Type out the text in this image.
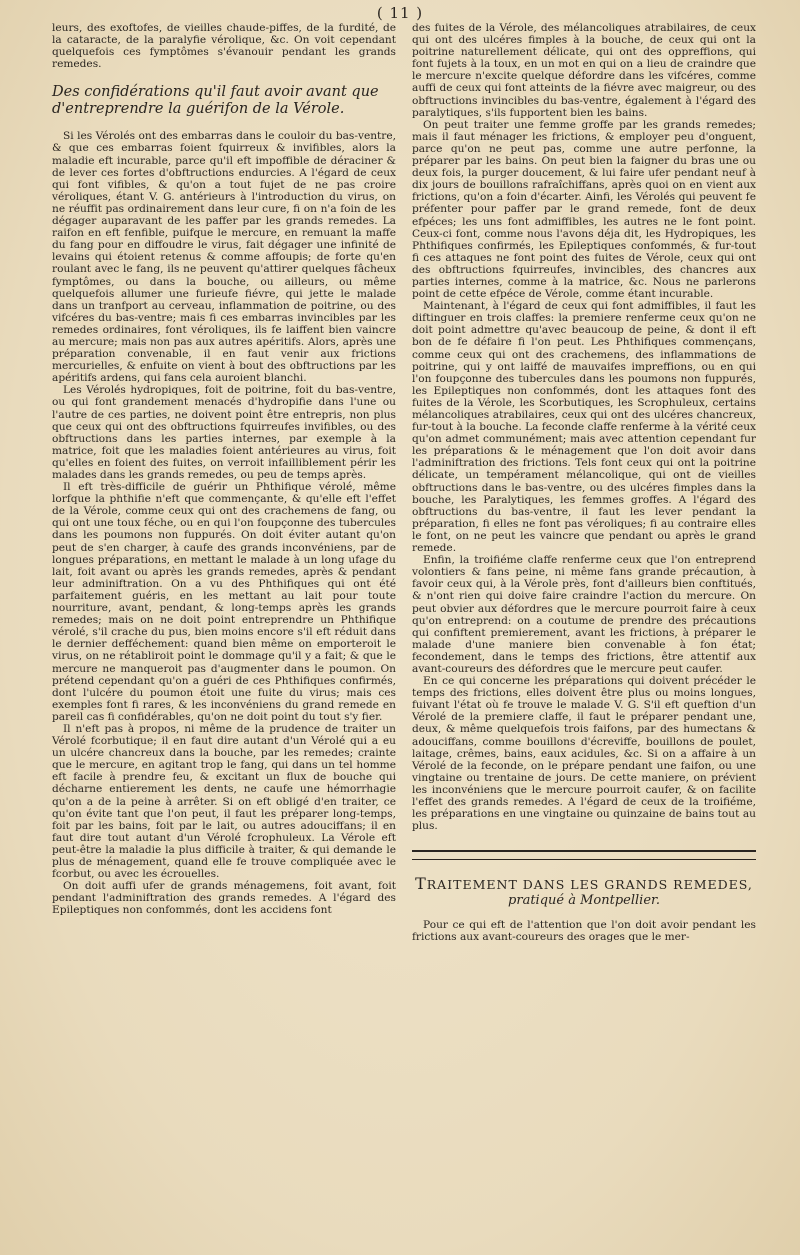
( 11 )

leurs, des exoftofes, de vieilles chaude-piffes, de la furdité, de la cataracte, de la paralyfie vérolique, &c. On voit cependant quelquefois ces fymptômes s'évanouir pendant les grands remedes.

Des confidérations qu'il faut avoir avant que d'entreprendre la guérifon de la Vérole.

Si les Vérolés ont des embarras dans le couloir du bas-ventre, & que ces embarras foient fquirreux & invifibles, alors la maladie eft incurable, parce qu'il eft impoffible de déraciner & de lever ces fortes d'obftructions endurcies. A l'égard de ceux qui font vifibles, & qu'on a tout fujet de ne pas croire véroliques, étant V. G. antérieurs à l'introduction du virus, on ne réuffit pas ordinairement dans leur cure, fi on n'a foin de les dégager auparavant de les paffer par les grands remedes. La raifon en eft fenfible, puifque le mercure, en remuant la maffe du fang pour en diffoudre le virus, fait dégager une infinité de levains qui étoient retenus & comme affoupis; de forte qu'en roulant avec le fang, ils ne peuvent qu'attirer quelques fâcheux fymptômes, ou dans la bouche, ou ailleurs, ou même quelquefois allumer une furieufe fiévre, qui jette le malade dans un tranfport au cerveau, inflammation de poitrine, ou des vifcéres du bas-ventre; mais fi ces embarras invincibles par les remedes ordinaires, font véroliques, ils fe laiffent bien vaincre au mercure; mais non pas aux autres apéritifs. Alors, après une préparation convenable, il en faut venir aux frictions mercurielles, & enfuite on vient à bout des obftructions par les apéritifs ardens, qui fans cela auroient blanchi.

Les Vérolés hydropiques, foit de poitrine, foit du bas-ventre, ou qui font grandement menacés d'hydropifie dans l'une ou l'autre de ces parties, ne doivent point être entrepris, non plus que ceux qui ont des obftructions fquirreufes invifibles, ou des obftructions dans les parties internes, par exemple à la matrice, foit que les maladies foient antérieures au virus, foit qu'elles en foient des fuites, on verroit infailliblement périr les malades dans les grands remedes, ou peu de temps après.

Il eft très-difficile de guérir un Phthifique vérolé, même lorfque la phthifie n'eft que commençante, & qu'elle eft l'effet de la Vérole, comme ceux qui ont des crachemens de fang, ou qui ont une toux féche, ou en qui l'on foupçonne des tubercules dans les poumons non fuppurés. On doit éviter autant qu'on peut de s'en charger, à caufe des grands inconvéniens, par de longues préparations, en mettant le malade à un long ufage du lait, foit avant ou après les grands remedes, après & pendant leur adminiftration. On a vu des Phthifiques qui ont été parfaitement guéris, en les mettant au lait pour toute nourriture, avant, pendant, & long-temps après les grands remedes; mais on ne doit point entreprendre un Phthifique vérolé, s'il crache du pus, bien moins encore s'il eft réduit dans le dernier defféchement: quand bien même on emporteroit le virus, on ne rétabliroit point le dommage qu'il y a fait; & que le mercure ne manqueroit pas d'augmenter dans le poumon. On prétend cependant qu'on a guéri de ces Phthifiques confirmés, dont l'ulcére du poumon étoit une fuite du virus; mais ces exemples font fi rares, & les inconvéniens du grand remede en pareil cas fi confidérables, qu'on ne doit point du tout s'y fier.

Il n'eft pas à propos, ni même de la prudence de traiter un Vérolé fcorbutique; il en faut dire autant d'un Vérolé qui a eu un ulcére chancreux dans la bouche, par les remedes; crainte que le mercure, en agitant trop le fang, qui dans un tel homme eft facile à prendre feu, & excitant un flux de bouche qui décharne entierement les dents, ne caufe une hémorrhagie qu'on a de la peine à arrêter. Si on eft obligé d'en traiter, ce qu'on évite tant que l'on peut, il faut les préparer long-temps, foit par les bains, foit par le lait, ou autres adouciffans; il en faut dire tout autant d'un Vérolé fcrophuleux. La Vérole eft peut-être la maladie la plus difficile à traiter, & qui demande le plus de ménagement, quand elle fe trouve compliquée avec le fcorbut, ou avec les écrouelles.

On doit auffi ufer de grands ménagemens, foit avant, foit pendant l'adminiftration des grands remedes. A l'égard des Epileptiques non confommés, dont les accidens font

des fuites de la Vérole, des mélancoliques atrabilaires, de ceux qui ont des ulcéres fimples à la bouche, de ceux qui ont la poitrine naturellement délicate, qui ont des oppreffions, qui font fujets à la toux, en un mot en qui on a lieu de craindre que le mercure n'excite quelque défordre dans les vifcéres, comme auffi de ceux qui font atteints de la fiévre avec maigreur, ou des obftructions invincibles du bas-ventre, également à l'égard des paralytiques, s'ils fupportent bien les bains.

On peut traiter une femme groffe par les grands remedes; mais il faut ménager les frictions, & employer peu d'onguent, parce qu'on ne peut pas, comme une autre perfonne, la préparer par les bains. On peut bien la faigner du bras une ou deux fois, la purger doucement, & lui faire ufer pendant neuf à dix jours de bouillons rafraîchiffans, après quoi on en vient aux frictions, qu'on a foin d'écarter. Ainfi, les Vérolés qui peuvent fe préfenter pour paffer par le grand remede, font de deux efpéces; les uns font admiffibles, les autres ne le font point. Ceux-ci font, comme nous l'avons déja dit, les Hydropiques, les Phthifiques confirmés, les Epileptiques confommés, & fur-tout fi ces attaques ne font point des fuites de Vérole, ceux qui ont des obftructions fquirreufes, invincibles, des chancres aux parties internes, comme à la matrice, &c. Nous ne parlerons point de cette efpéce de Vérole, comme étant incurable.

Maintenant, à l'égard de ceux qui font admiffibles, il faut les diftinguer en trois claffes: la premiere renferme ceux qu'on ne doit point admettre qu'avec beaucoup de peine, & dont il eft bon de fe défaire fi l'on peut. Les Phthifiques commençans, comme ceux qui ont des crachemens, des inflammations de poitrine, qui y ont laiffé de mauvaifes impreffions, ou en qui l'on foupçonne des tubercules dans les poumons non fuppurés, les Epileptiques non confommés, dont les attaques font des fuites de la Vérole, les Scorbutiques, les Scrophuleux, certains mélancoliques atrabilaires, ceux qui ont des ulcéres chancreux, fur-tout à la bouche. La feconde claffe renferme à la vérité ceux qu'on admet communément; mais avec attention cependant fur les préparations & le ménagement que l'on doit avoir dans l'adminiftration des frictions. Tels font ceux qui ont la poitrine délicate, un tempérament mélancolique, qui ont de vieilles obftructions dans le bas-ventre, ou des ulcéres fimples dans la bouche, les Paralytiques, les femmes groffes. A l'égard des obftructions du bas-ventre, il faut les lever pendant la préparation, fi elles ne font pas véroliques; fi au contraire elles le font, on ne peut les vaincre que pendant ou après le grand remede.

Enfin, la troifiéme claffe renferme ceux que l'on entreprend volontiers & fans peine, ni même fans grande précaution, à favoir ceux qui, à la Vérole près, font d'ailleurs bien conftitués, & n'ont rien qui doive faire craindre l'action du mercure. On peut obvier aux défordres que le mercure pourroit faire à ceux qu'on entreprend: on a coutume de prendre des précautions qui confiftent premierement, avant les frictions, à préparer le malade d'une maniere bien convenable à fon état; fecondement, dans le temps des frictions, être attentif aux avant-coureurs des défordres que le mercure peut caufer.

En ce qui concerne les préparations qui doivent précéder le temps des frictions, elles doivent être plus ou moins longues, fuivant l'état où fe trouve le malade V. G. S'il eft queftion d'un Vérolé de la premiere claffe, il faut le préparer pendant une, deux, & même quelquefois trois faifons, par des humectans & adouciffans, comme bouillons d'écreviffe, bouillons de poulet, laitage, crêmes, bains, eaux acidules, &c. Si on a affaire à un Vérolé de la feconde, on le prépare pendant une faifon, ou une vingtaine ou trentaine de jours. De cette maniere, on prévient les inconvéniens que le mercure pourroit caufer, & on facilite l'effet des grands remedes. A l'égard de ceux de la troifiéme, les préparations en une vingtaine ou quinzaine de bains tout au plus.

TRAITEMENT DANS LES GRANDS REMEDES,
pratiqué à Montpellier.

Pour ce qui eft de l'attention que l'on doit avoir pendant les frictions aux avant-coureurs des orages que le mer-
